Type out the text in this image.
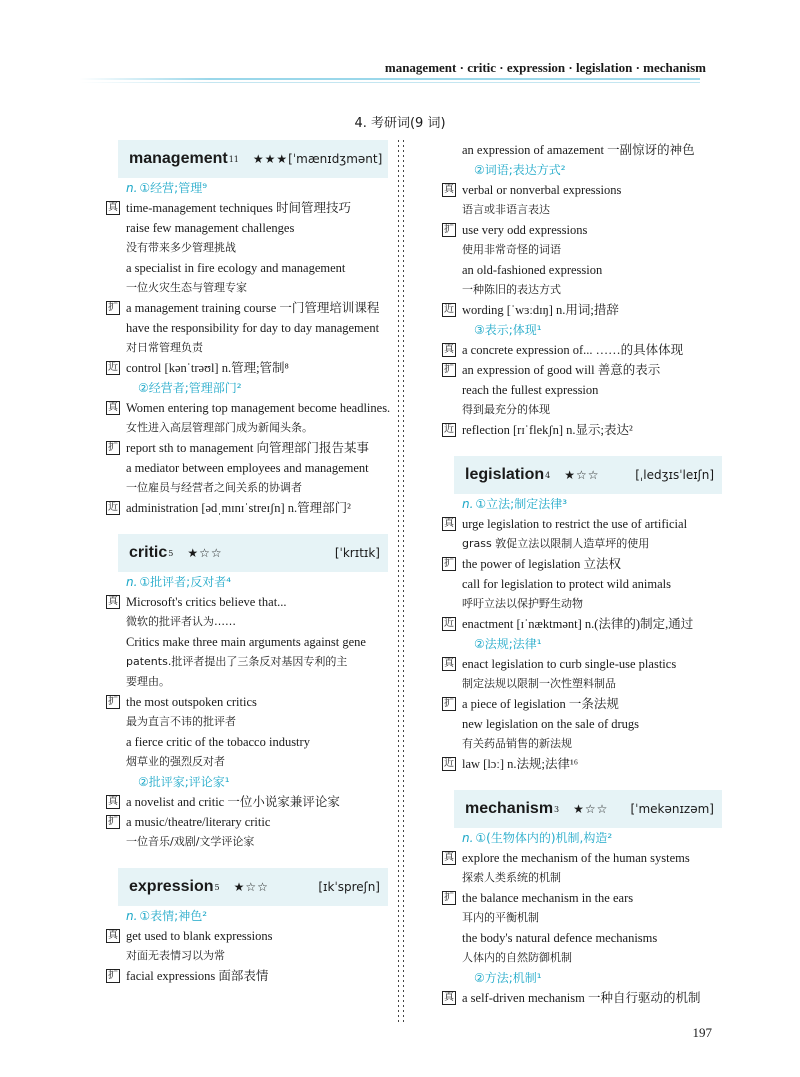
management · critic · expression · legislation · mechanism
4. 考研词(9 词)
management 11 ★★★ [ˈmænɪdʒmənt]
n. ①经营;管理⁹
真 time-management techniques 时间管理技巧
raise few management challenges
没有带来多少管理挑战
a specialist in fire ecology and management
一位火灾生态与管理专家
扩 a management training course 一门管理培训课程
have the responsibility for day to day management
对日常管理负责
近 control [kənˈtrəʊl] n.管理;管制⁸
②经营者;管理部门²
真 Women entering top management become headlines.
女性进入高层管理部门成为新闻头条。
扩 report sth to management 向管理部门报告某事
a mediator between employees and management
一位雇员与经营者之间关系的协调者
近 administration [ədˌmɪnɪˈstreɪʃn] n.管理部门²
critic 5 ★☆☆	[ˈkrɪtɪk]
n. ①批评者;反对者⁴
真 Microsoft's critics believe that...
微软的批评者认为……
Critics make three main arguments against gene
patents.批评者提出了三条反对基因专利的主
要理由。
扩 the most outspoken critics
最为直言不讳的批评者
a fierce critic of the tobacco industry
烟草业的强烈反对者
②批评家;评论家¹
真 a novelist and critic 一位小说家兼评论家
扩 a music/theatre/literary critic
一位音乐/戏剧/文学评论家
expression 5 ★☆☆	[ɪkˈspreʃn]
n. ①表情;神色²
真 get used to blank expressions
对面无表情习以为常
扩 facial expressions 面部表情
an expression of amazement 一副惊讶的神色
②词语;表达方式²
真 verbal or nonverbal expressions
语言或非语言表达
扩 use very odd expressions
使用非常奇怪的词语
an old-fashioned expression
一种陈旧的表达方式
近 wording [ˈwɜːdɪŋ] n.用词;措辞
③表示;体现¹
真 a concrete expression of... ……的具体体现
扩 an expression of good will 善意的表示
reach the fullest expression
得到最充分的体现
近 reflection [rɪˈflekʃn] n.显示;表达²
legislation 4 ★☆☆	[ˌledʒɪsˈleɪʃn]
n. ①立法;制定法律³
真 urge legislation to restrict the use of artificial
grass 敦促立法以限制人造草坪的使用
扩 the power of legislation 立法权
call for legislation to protect wild animals
呼吁立法以保护野生动物
近 enactment [ɪˈnæktmənt] n.(法律的)制定,通过
②法规;法律¹
真 enact legislation to curb single-use plastics
制定法规以限制一次性塑料制品
扩 a piece of legislation 一条法规
new legislation on the sale of drugs
有关药品销售的新法规
近 law [lɔː] n.法规;法律¹⁶
mechanism 3 ★☆☆ [ˈmekənɪzəm]
n. ①(生物体内的)机制,构造²
真 explore the mechanism of the human systems
探索人类系统的机制
扩 the balance mechanism in the ears
耳内的平衡机制
the body's natural defence mechanisms
人体内的自然防御机制
②方法;机制¹
真 a self-driven mechanism 一种自行驱动的机制
197
